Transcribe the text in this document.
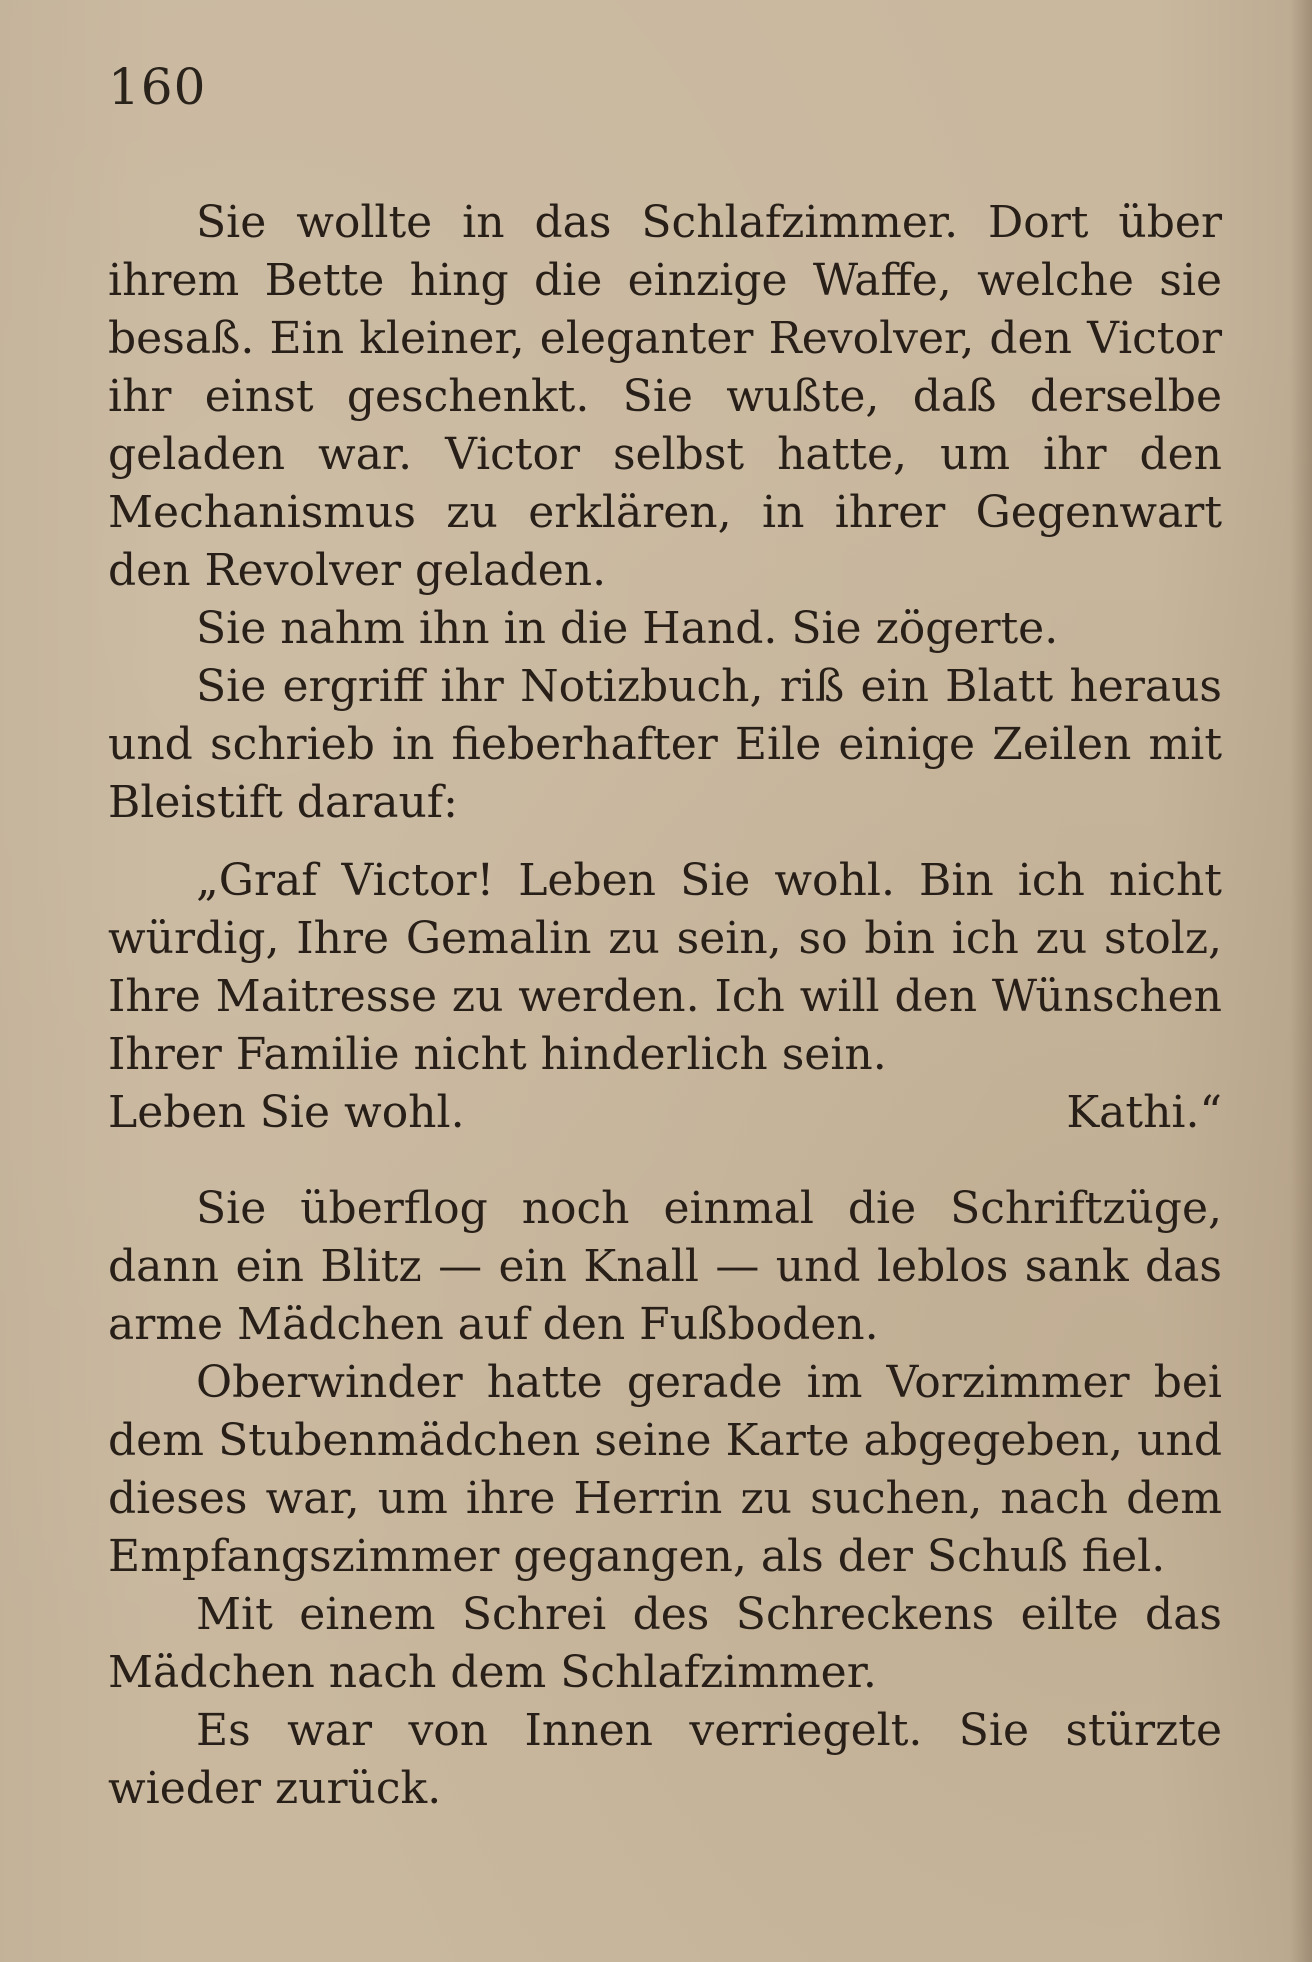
160

Sie wollte in das Schlafzimmer. Dort über ihrem Bette hing die einzige Waffe, welche sie besaß. Ein kleiner, eleganter Revolver, den Victor ihr einst geschenkt. Sie wußte, daß derselbe geladen war. Victor selbst hatte, um ihr den Mechanismus zu erklären, in ihrer Gegenwart den Revolver geladen.

Sie nahm ihn in die Hand. Sie zögerte.

Sie ergriff ihr Notizbuch, riß ein Blatt heraus und schrieb in fieberhafter Eile einige Zeilen mit Bleistift darauf:

„Graf Victor! Leben Sie wohl. Bin ich nicht würdig, Ihre Gemalin zu sein, so bin ich zu stolz, Ihre Maitresse zu werden. Ich will den Wünschen Ihrer Familie nicht hinderlich sein.

Leben Sie wohl.	Kathi.“

Sie überflog noch einmal die Schriftzüge, dann ein Blitz — ein Knall — und leblos sank das arme Mädchen auf den Fußboden.

Oberwinder hatte gerade im Vorzimmer bei dem Stubenmädchen seine Karte abgegeben, und dieses war, um ihre Herrin zu suchen, nach dem Empfangszimmer gegangen, als der Schuß fiel.

Mit einem Schrei des Schreckens eilte das Mädchen nach dem Schlafzimmer.

Es war von Innen verriegelt. Sie stürzte wieder zurück.
